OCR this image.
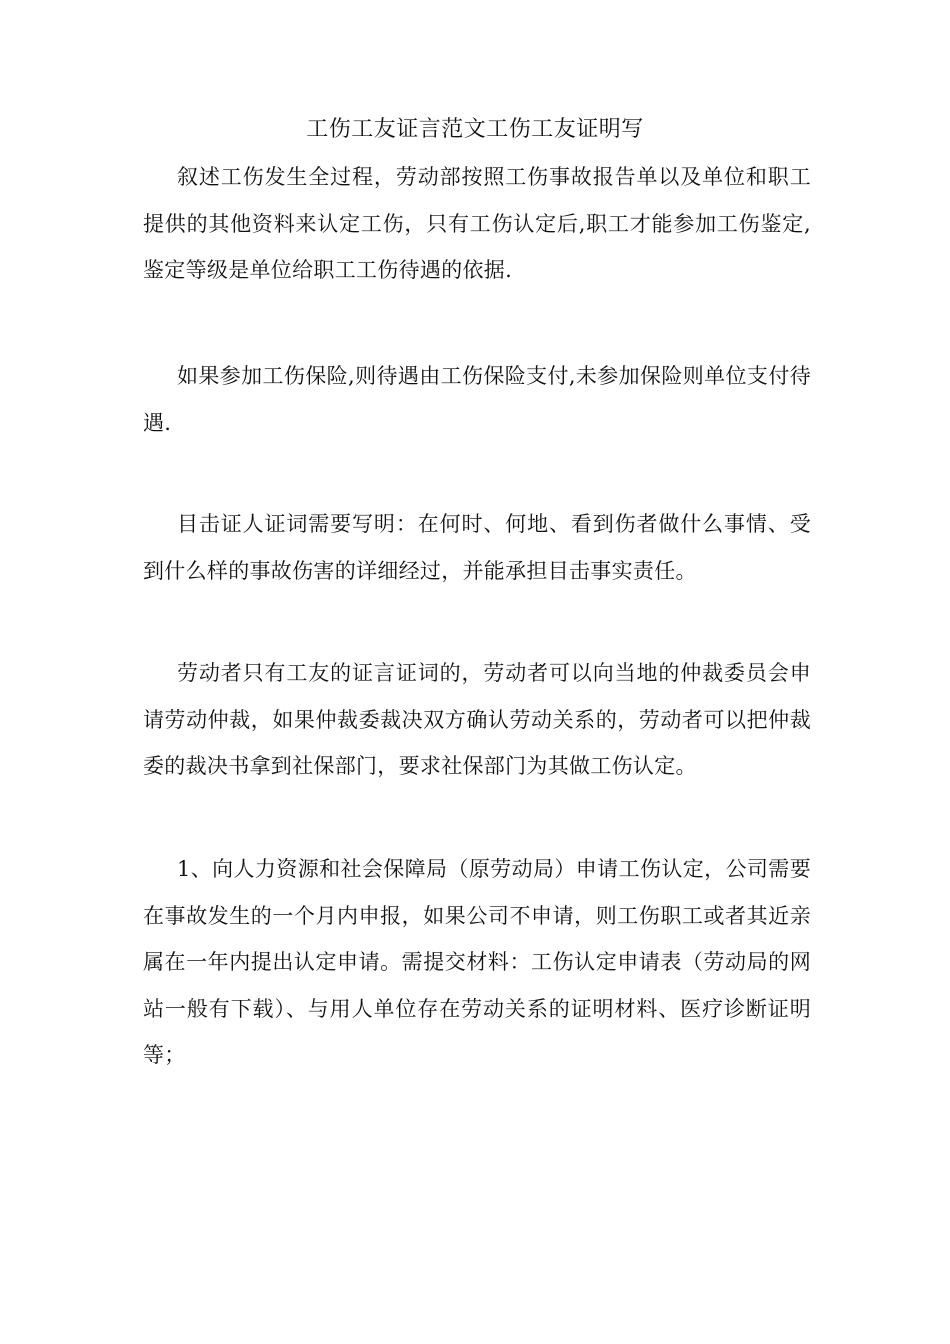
工伤工友证言范文工伤工友证明写

叙述工伤发生全过程，劳动部按照工伤事故报告单以及单位和职工提供的其他资料来认定工伤，只有工伤认定后,职工才能参加工伤鉴定,鉴定等级是单位给职工工伤待遇的依据.

如果参加工伤保险,则待遇由工伤保险支付,未参加保险则单位支付待遇.

目击证人证词需要写明：在何时、何地、看到伤者做什么事情、受到什么样的事故伤害的详细经过，并能承担目击事实责任。

劳动者只有工友的证言证词的，劳动者可以向当地的仲裁委员会申请劳动仲裁，如果仲裁委裁决双方确认劳动关系的，劳动者可以把仲裁委的裁决书拿到社保部门，要求社保部门为其做工伤认定。

1、向人力资源和社会保障局（原劳动局）申请工伤认定，公司需要在事故发生的一个月内申报，如果公司不申请，则工伤职工或者其近亲属在一年内提出认定申请。需提交材料：工伤认定申请表（劳动局的网站一般有下载）、与用人单位存在劳动关系的证明材料、医疗诊断证明等；
